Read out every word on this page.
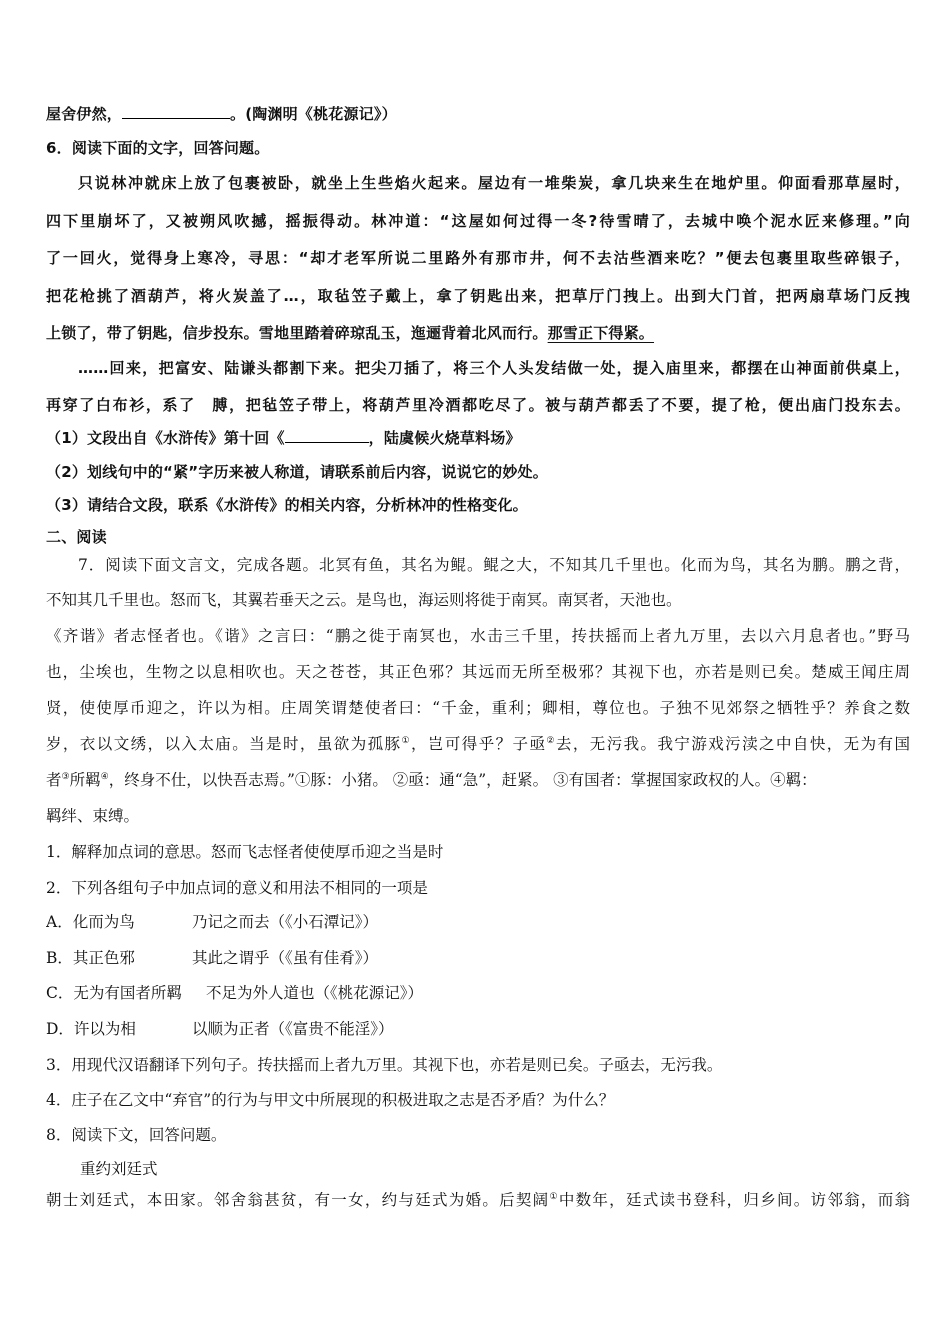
屋舍伊然，	。(陶渊明《桃花源记》）
6．阅读下面的文字，回答问题。
只说林冲就床上放了包裹被卧，就坐上生些焰火起来。屋边有一堆柴炭，拿几块来生在地炉里。仰面看那草屋时，
四下里崩坏了，又被朔风吹撼，摇振得动。林冲道：“这屋如何过得一冬?待雪晴了，去城中唤个泥水匠来修理。”向
了一回火，觉得身上寒冷，寻思：“却才老军所说二里路外有那市井，何不去沽些酒来吃？”便去包裹里取些碎银子，
把花枪挑了酒葫芦，将火炭盖了…，取毡笠子戴上，拿了钥匙出来，把草厅门拽上。出到大门首，把两扇草场门反拽
上锁了，带了钥匙，信步投东。雪地里踏着碎琼乱玉，迤逦背着北风而行。那雪正下得紧。
……回来，把富安、陆谦头都割下来。把尖刀插了，将三个人头发结做一处，提入庙里来，都摆在山神面前供桌上，
再穿了白布衫，系了　膊，把毡笠子带上，将葫芦里冷酒都吃尽了。被与葫芦都丢了不要，提了枪，便出庙门投东去。
（1）文段出自《水浒传》第十回《	，陆虞候火烧草料场》
（2）划线句中的“紧”字历来被人称道，请联系前后内容，说说它的妙处。
（3）请结合文段，联系《水浒传》的相关内容，分析林冲的性格变化。
二、阅读
7．阅读下面文言文，完成各题。北冥有鱼，其名为鲲。鲲之大，不知其几千里也。化而为鸟，其名为鹏。鹏之背，
不知其几千里也。怒而飞，其翼若垂天之云。是鸟也，海运则将徙于南冥。南冥者，天池也。
《齐谐》者志怪者也。《谐》之言曰：“鹏之徙于南冥也，水击三千里，抟扶摇而上者九万里，去以六月息者也。”野马
也，尘埃也，生物之以息相吹也。天之苍苍，其正色邪？其远而无所至极邪？其视下也，亦若是则已矣。楚威王闻庄周
贤，使使厚币迎之，许以为相。庄周笑谓楚使者曰：“千金，重利；卿相，尊位也。子独不见郊祭之牺牲乎？养食之数
岁，衣以文绣，以入太庙。当是时，虽欲为孤豚①，岂可得乎？子亟②去，无污我。我宁游戏污渎之中自快，无为有国
者③所羁④，终身不仕，以快吾志焉。”①豚：小猪。 ②亟：通“急”，赶紧。 ③有国者：掌握国家政权的人。④羁：
羁绊、束缚。
1．解释加点词的意思。怒而飞志怪者使使厚币迎之当是时
2．下列各组句子中加点词的意义和用法不相同的一项是
A．化而为鸟	乃记之而去（《小石潭记》）
B．其正色邪	其此之谓乎（《虽有佳肴》）
C．无为有国者所羁 不足为外人道也（《桃花源记》）
D．许以为相	以顺为正者（《富贵不能淫》）
3．用现代汉语翻译下列句子。抟扶摇而上者九万里。其视下也，亦若是则已矣。子亟去，无污我。
4．庄子在乙文中“弃官”的行为与甲文中所展现的积极进取之志是否矛盾？为什么？
8．阅读下文，回答问题。
重约刘廷式
朝士刘廷式，本田家。邻舍翁甚贫，有一女，约与廷式为婚。后契阔①中数年，廷式读书登科，归乡间。访邻翁，而翁
